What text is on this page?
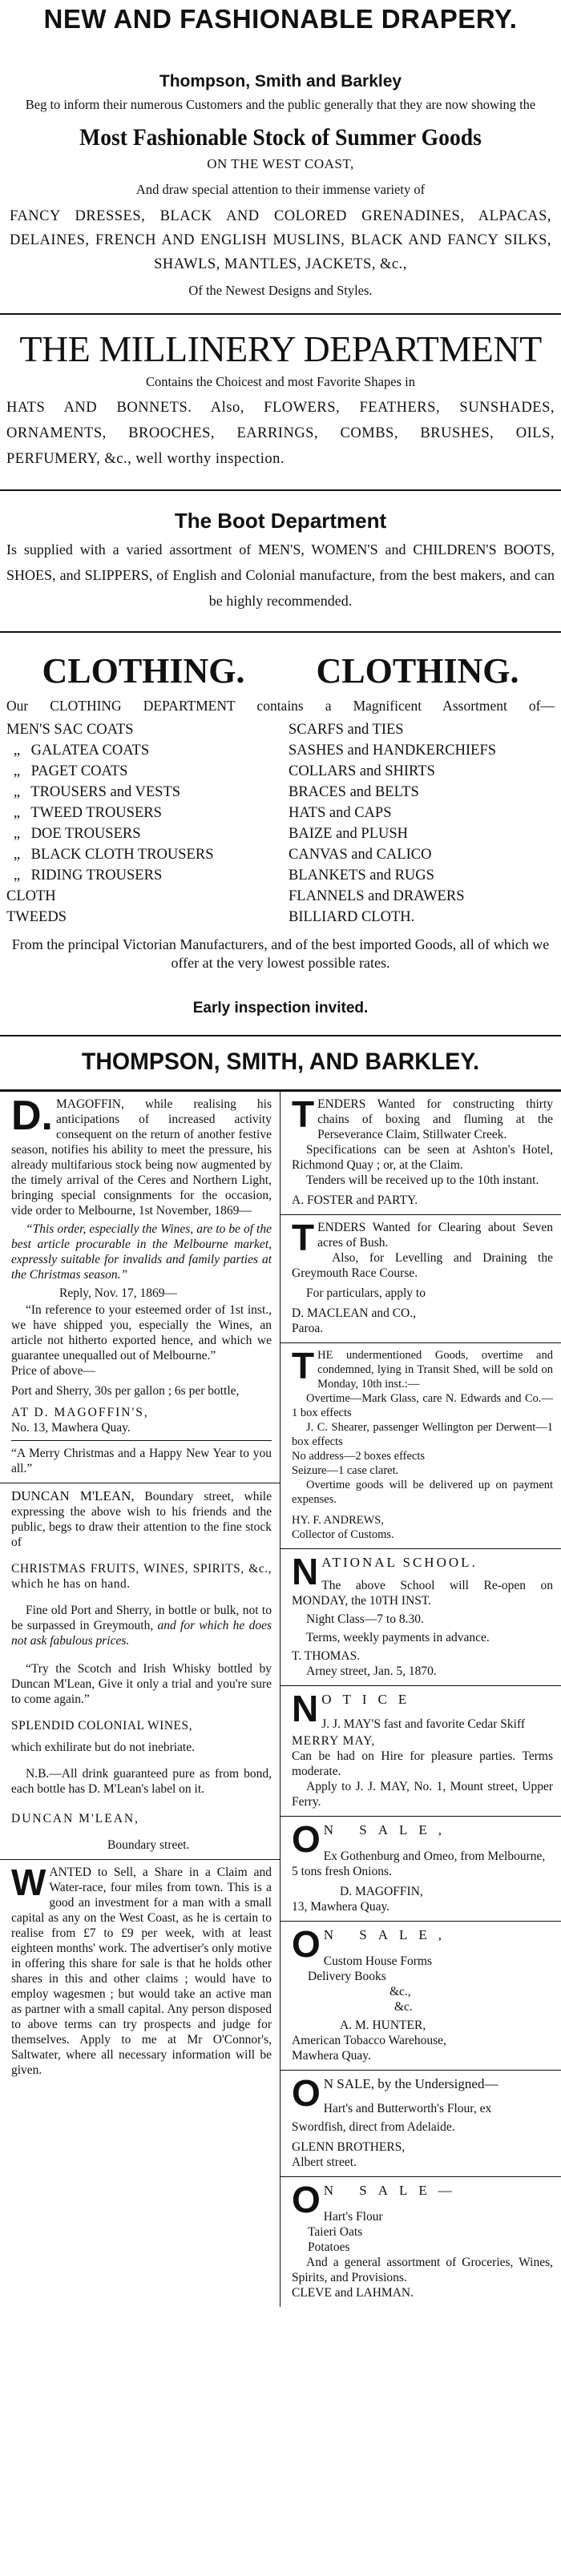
NEW AND FASHIONABLE DRAPERY.
Thompson, Smith and Barkley

Beg to inform their numerous Customers and the public generally that they are now showing the

Most Fashionable Stock of Summer Goods
ON THE WEST COAST,

And draw special attention to their immense variety of

FANCY DRESSES, BLACK AND COLORED GRENADINES, ALPACAS, DELAINES, FRENCH AND ENGLISH MUSLINS, BLACK AND FANCY SILKS, SHAWLS, MANTLES, JACKETS, &c.,

Of the Newest Designs and Styles.

THE MILLINERY DEPARTMENT

Contains the Choicest and most Favorite Shapes in

HATS AND BONNETS. Also, FLOWERS, FEATHERS, SUNSHADES, ORNAMENTS, BROOCHES, EARRINGS, COMBS, BRUSHES, OILS, PERFUMERY, &c., well worthy inspection.

The Boot Department

Is supplied with a varied assortment of MEN'S, WOMEN'S and CHILDREN'S BOOTS, SHOES, and SLIPPERS, of English and Colonial manufacture, from the best makers, and can be highly recommended.

CLOTHING. CLOTHING.

Our CLOTHING DEPARTMENT contains a Magnificent Assortment of—

MEN'S SAC COATS
„ GALATEA COATS
„ PAGET COATS
„ TROUSERS and VESTS
„ TWEED TROUSERS
„ DOE TROUSERS
„ BLACK CLOTH TROUSERS
„ RIDING TROUSERS
CLOTH
TWEEDS
SCARFS and TIES
SASHES and HANDKERCHIEFS
COLLARS and SHIRTS
BRACES and BELTS
HATS and CAPS
BAIZE and PLUSH
CANVAS and CALICO
BLANKETS and RUGS
FLANNELS and DRAWERS
BILLIARD CLOTH.

From the principal Victorian Manufacturers, and of the best imported Goods, all of which we offer at the very lowest possible rates.

Early inspection invited.
THOMPSON, SMITH, AND BARKLEY.
D. MAGOFFIN, while realising his anticipations of increased activity consequent on the return of another festive season, notifies his ability to meet the pressure, his already multifarious stock being now augmented by the timely arrival of the Ceres and Northern Light, bringing special consignments for the occasion, vide order to Melbourne, 1st November, 1869—

“This order, especially the Wines, are to be of the best article procurable in the Melbourne market, expressly suitable for invalids and family parties at the Christmas season.”

Reply, Nov. 17, 1869—

“In reference to your esteemed order of 1st inst., we have shipped you, especially the Wines, an article not hitherto exported hence, and which we guarantee unequalled out of Melbourne.”

Price of above—

Port and Sherry, 30s per gallon ; 6s per bottle,

AT D. MAGOFFIN'S,

No. 13, Mawhera Quay.

“A Merry Christmas and a Happy New Year to you all.”

DUNCAN M'LEAN, Boundary street, while expressing the above wish to his friends and the public, begs to draw their attention to the fine stock of

CHRISTMAS FRUITS, WINES, SPIRITS, &c., which he has on hand.

Fine old Port and Sherry, in bottle or bulk, not to be surpassed in Greymouth, and for which he does not ask fabulous prices.

“Try the Scotch and Irish Whisky bottled by Duncan M'Lean, Give it only a trial and you're sure to come again.”

SPLENDID COLONIAL WINES,

which exhilirate but do not inebriate.

N.B.—All drink guaranteed pure as from bond, each bottle has D. M'Lean's label on it.

DUNCAN M'LEAN,

Boundary street.

W ANTED to Sell, a Share in a Claim and Water-race, four miles from town. This is a good an investment for a man with a small capital as any on the West Coast, as he is certain to realise from £7 to £9 per week, with at least eighteen months' work. The advertiser's only motive in offering this share for sale is that he holds other shares in this and other claims ; would have to employ wagesmen ; but would take an active man as partner with a small capital. Any person disposed to above terms can try prospects and judge for themselves. Apply to me at Mr O'Connor's, Saltwater, where all necessary information will be given.

T ENDERS Wanted for constructing thirty chains of boxing and fluming at the Perseverance Claim, Stillwater Creek.

Specifications can be seen at Ashton's Hotel, Richmond Quay ; or, at the Claim.

Tenders will be received up to the 10th instant.

A. FOSTER and PARTY.

T ENDERS Wanted for Clearing about Seven acres of Bush.

Also, for Levelling and Draining the Greymouth Race Course.

For particulars, apply to

D. MACLEAN and CO.,

Paroa.

T HE undermentioned Goods, overtime and condemned, lying in Transit Shed, will be sold on Monday, 10th inst.:—

Overtime—Mark Glass, care N. Edwards and Co.—1 box effects

J. C. Shearer, passenger Wellington per Derwent—1 box effects

No address—2 boxes effects

Seizure—1 case claret.

Overtime goods will be delivered up on payment expenses.

HY. F. ANDREWS,

Collector of Customs.

N ATIONAL SCHOOL.

The above School will Re-open on MONDAY, the 10TH INST.

Night Class—7 to 8.30.

Terms, weekly payments in advance.

T. THOMAS.

Arney street, Jan. 5, 1870.

N OTICE

J. J. MAY'S fast and favorite Cedar Skiff

MERRY MAY,

Can be had on Hire for pleasure parties. Terms moderate.

Apply to J. J. MAY, No. 1, Mount street, Upper Ferry.

O N SALE,

Ex Gothenburg and Omeo, from Melbourne,

5 tons fresh Onions.

D. MAGOFFIN,

13, Mawhera Quay.

O N SALE,

Custom House Forms

Delivery Books

&c.,

&c.

A. M. HUNTER,

American Tobacco Warehouse,

Mawhera Quay.

O N SALE, by the Undersigned—

Hart's and Butterworth's Flour, ex

Swordfish, direct from Adelaide.

GLENN BROTHERS,

Albert street.

O N SALE—

Hart's Flour

Taieri Oats

Potatoes

And a general assortment of Groceries, Wines, Spirits, and Provisions.

CLEVE and LAHMAN.
